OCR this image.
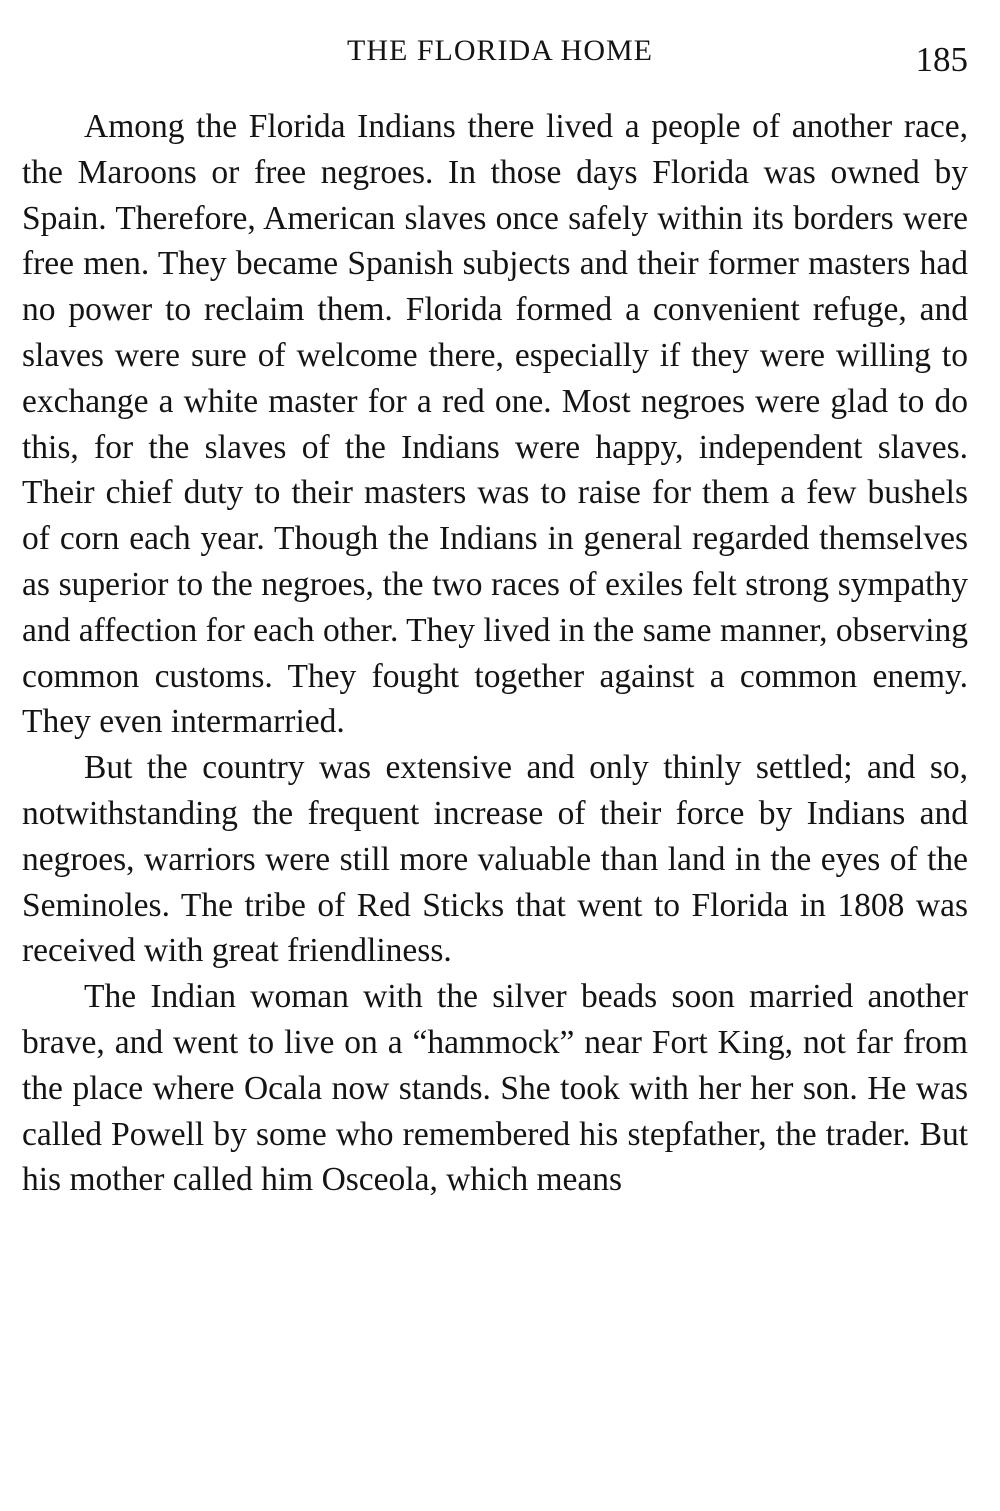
THE FLORIDA HOME	185

Among the Florida Indians there lived a people of another race, the Maroons or free negroes. In those days Florida was owned by Spain. Therefore, American slaves once safely within its borders were free men. They became Spanish subjects and their former masters had no power to reclaim them. Florida formed a convenient refuge, and slaves were sure of welcome there, especially if they were willing to exchange a white master for a red one. Most negroes were glad to do this, for the slaves of the Indians were happy, independent slaves. Their chief duty to their masters was to raise for them a few bushels of corn each year. Though the Indians in general regarded themselves as superior to the negroes, the two races of exiles felt strong sympathy and affection for each other. They lived in the same manner, observing common customs. They fought together against a common enemy. They even intermarried.

But the country was extensive and only thinly settled; and so, notwithstanding the frequent increase of their force by Indians and negroes, warriors were still more valuable than land in the eyes of the Seminoles. The tribe of Red Sticks that went to Florida in 1808 was received with great friendliness.

The Indian woman with the silver beads soon married another brave, and went to live on a “hammock” near Fort King, not far from the place where Ocala now stands. She took with her her son. He was called Powell by some who remembered his stepfather, the trader. But his mother called him Osceola, which means
